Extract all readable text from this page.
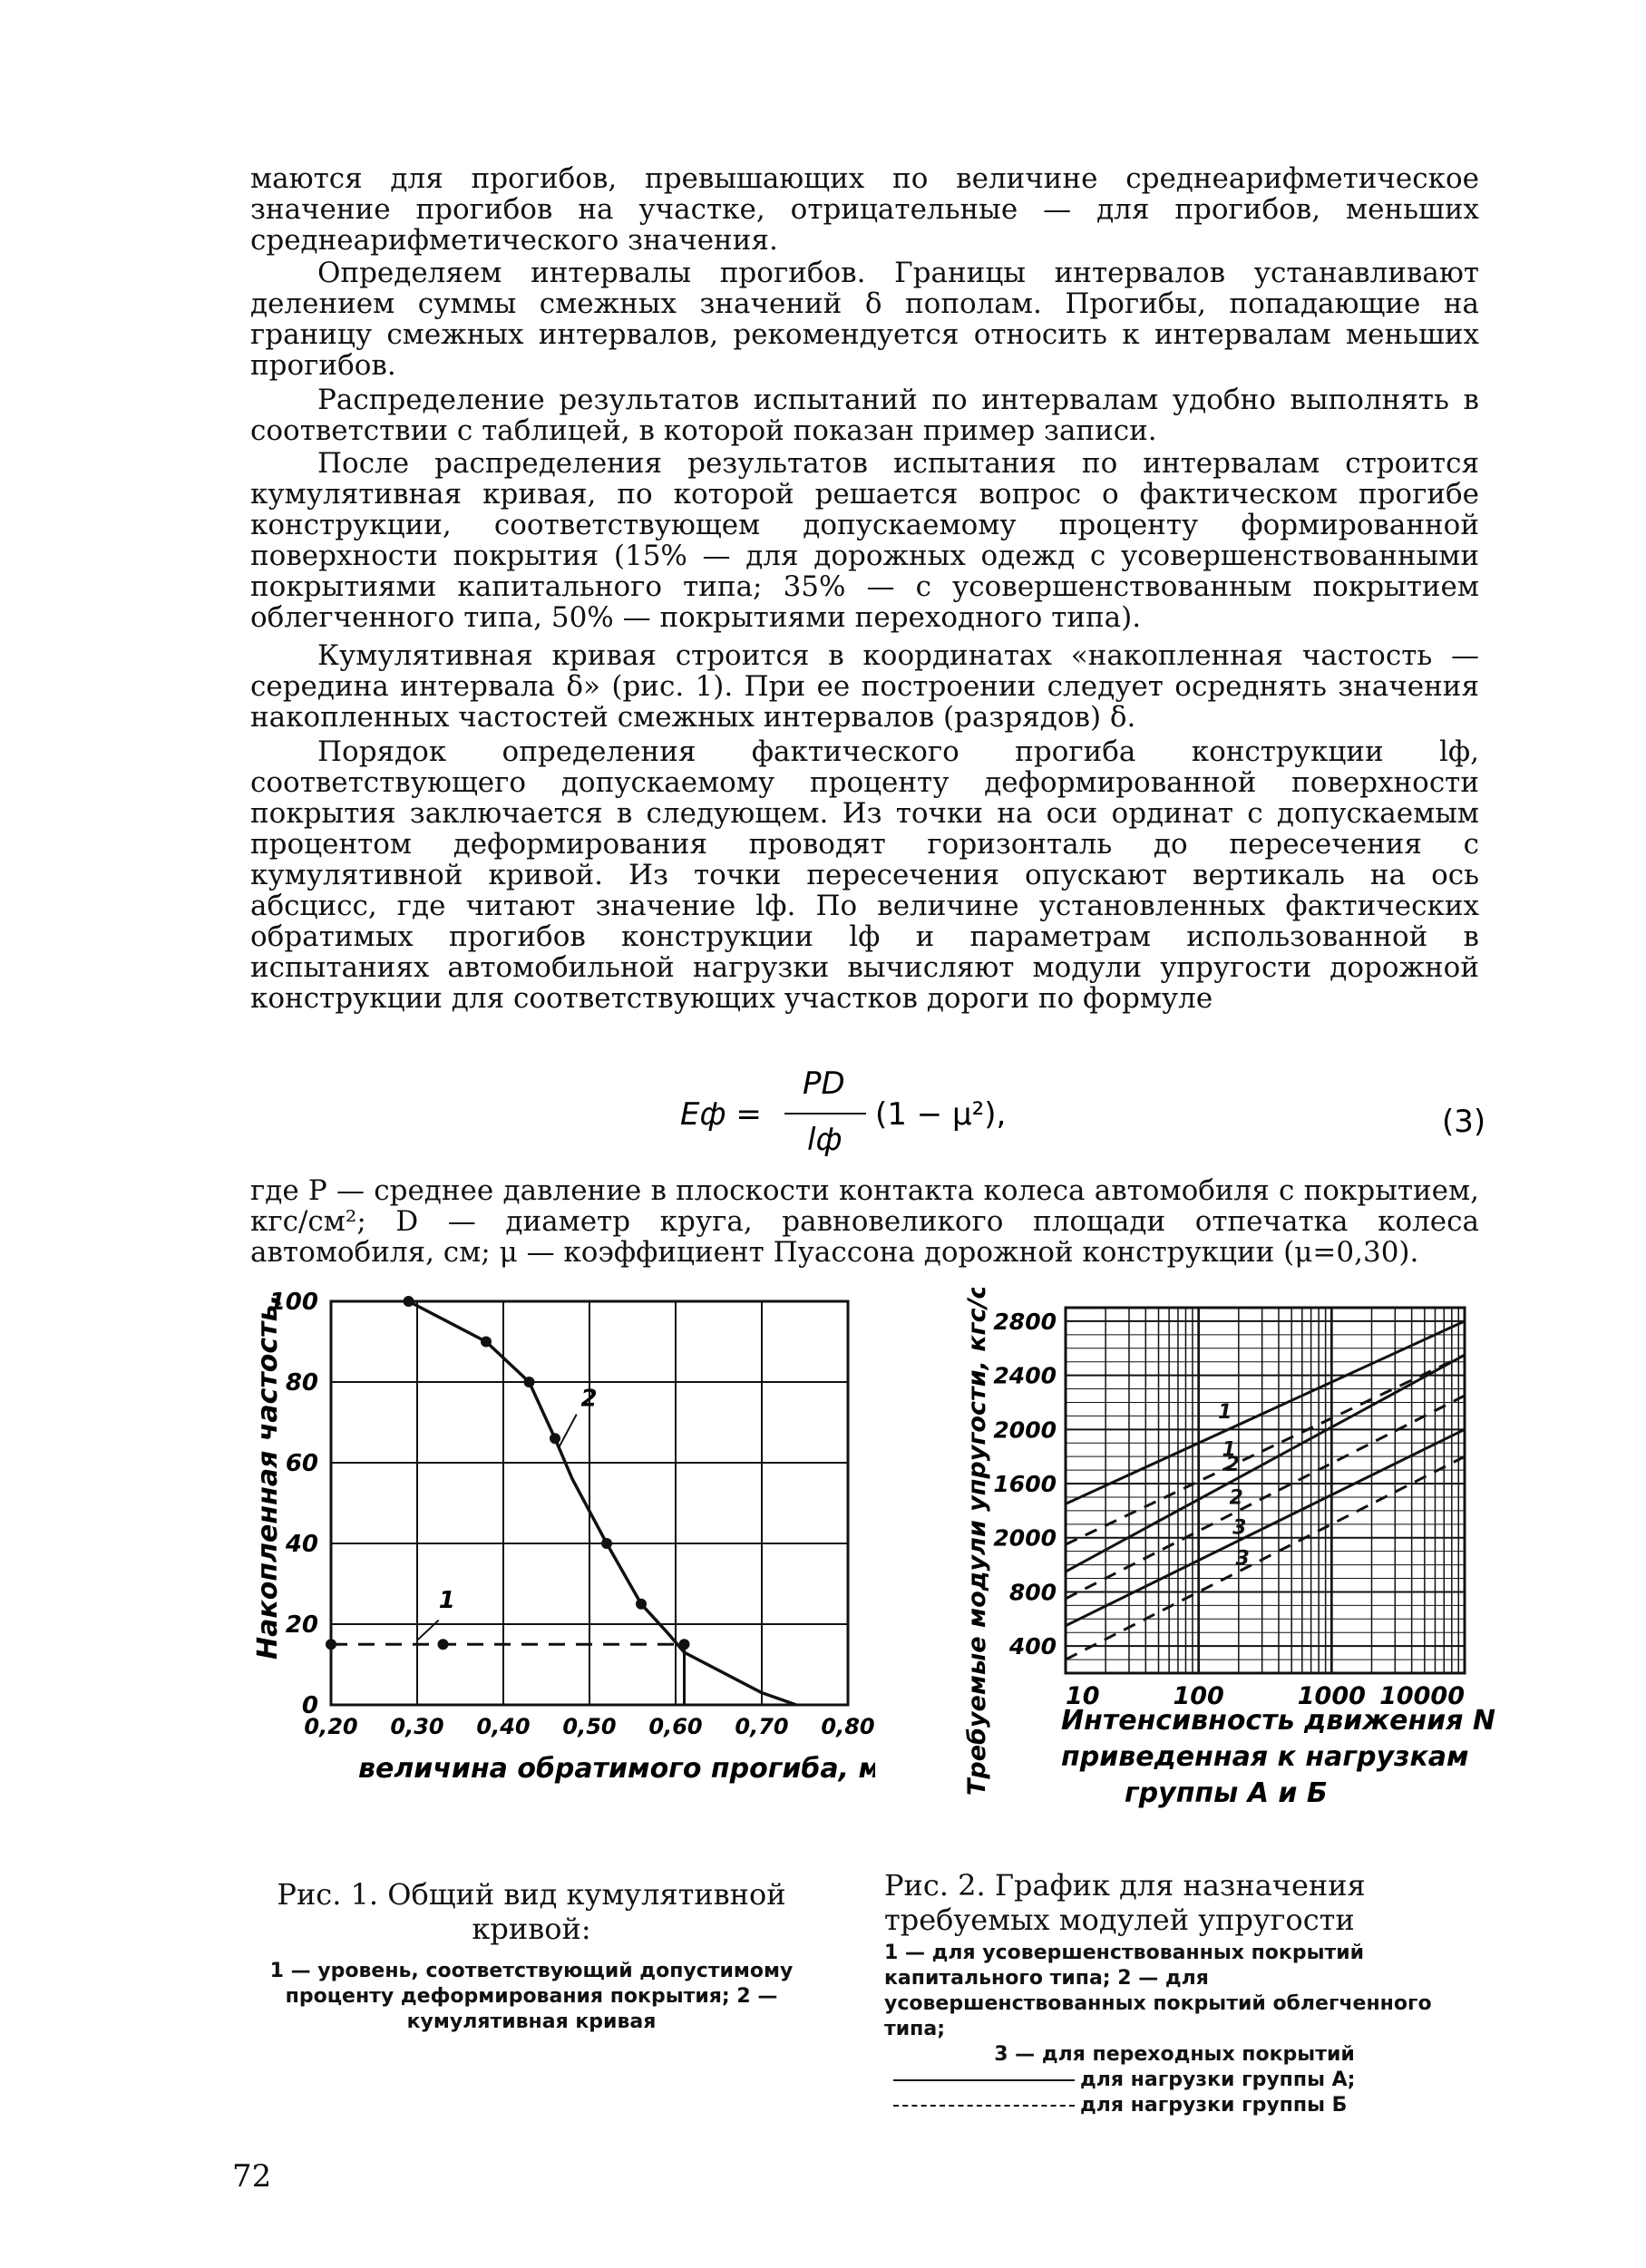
маются для прогибов, превышающих по величине среднеарифметическое значение прогибов на участке, отрицательные — для прогибов, меньших среднеарифметического значения.

Определяем интервалы прогибов. Границы интервалов устанавливают делением суммы смежных значений δ пополам. Прогибы, попадающие на границу смежных интервалов, рекомендуется относить к интервалам меньших прогибов.

Распределение результатов испытаний по интервалам удобно выполнять в соответствии с таблицей, в которой показан пример записи.

После распределения результатов испытания по интервалам строится кумулятивная кривая, по которой решается вопрос о фактическом прогибе конструкции, соответствующем допускаемому проценту формированной поверхности покрытия (15% — для дорожных одежд с усовершенствованными покрытиями капитального типа; 35% — с усовершенствованным покрытием облегченного типа, 50% — покрытиями переходного типа).

Кумулятивная кривая строится в координатах «накопленная частость — середина интервала δ» (рис. 1). При ее построении следует осреднять значения накопленных частостей смежных интервалов (разрядов) δ.

Порядок определения фактического прогиба конструкции lф, соответствующего допускаемому проценту деформированной поверхности покрытия заключается в следующем. Из точки на оси ординат с допускаемым процентом деформирования проводят горизонталь до пересечения с кумулятивной кривой. Из точки пересечения опускают вертикаль на ось абсцисс, где читают значение lф. По величине установленных фактических обратимых прогибов конструкции lф и параметрам использованной в испытаниях автомобильной нагрузки вычисляют модули упругости дорожной конструкции для соответствующих участков дороги по формуле

Eф =
PD
lф
(1 − μ²),	(3)

где P — среднее давление в плоскости контакта колеса автомобиля с покрытием, кгс/см²; D — диаметр круга, равновеликого площади отпечатка колеса автомобиля, см; μ — коэффициент Пуассона дорожной конструкции (μ=0,30).

0,20 0,30 0,40 0,50 0,60 0,70 0,80
0
20
40
60
80
100
2
1
Накопленная частость, %
величина обратимого прогиба, мм
400
800
2000
1600
2000
2400
2800
10	100	1000 10000
1
1
2
2
3
3
Требуемые модули упругости, кгс/см²	Интенсивность движения Nпр,
приведенная к нагрузкам
группы А и Б
Рис. 1. Общий вид кумулятивной кривой:
1 — уровень, соответствующий допустимому проценту деформирования покрытия; 2 — кумулятивная кривая
Рис. 2. График для назначения требуемых модулей упругости
1 — для усовершенствованных покрытий капитального типа; 2 — для усовершенствованных покрытий облегченного типа;
3 — для переходных покрытий
для нагрузки группы А;
для нагрузки группы Б
72
